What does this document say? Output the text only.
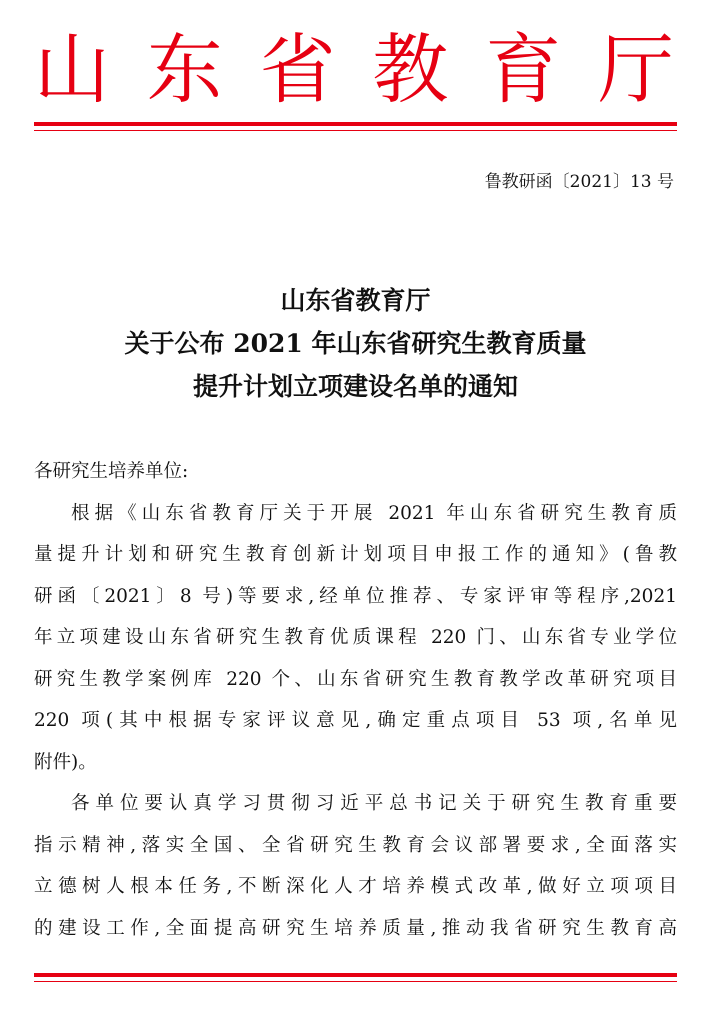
山 东 省 教 育 厅
鲁教研函〔2021〕13 号
山东省教育厅
关于公布 2021 年山东省研究生教育质量
提升计划立项建设名单的通知
各研究生培养单位:
根据《山东省教育厅关于开展 2021 年山东省研究生教育质
量提升计划和研究生教育创新计划项目申报工作的通知》(鲁教
研函〔2021〕8 号)等要求,经单位推荐、专家评审等程序,2021
年立项建设山东省研究生教育优质课程 220 门、山东省专业学位
研究生教学案例库 220 个、山东省研究生教育教学改革研究项目
220 项(其中根据专家评议意见,确定重点项目 53 项,名单见
附件)。
各单位要认真学习贯彻习近平总书记关于研究生教育重要
指示精神,落实全国、全省研究生教育会议部署要求,全面落实
立德树人根本任务,不断深化人才培养模式改革,做好立项项目
的建设工作,全面提高研究生培养质量,推动我省研究生教育高
